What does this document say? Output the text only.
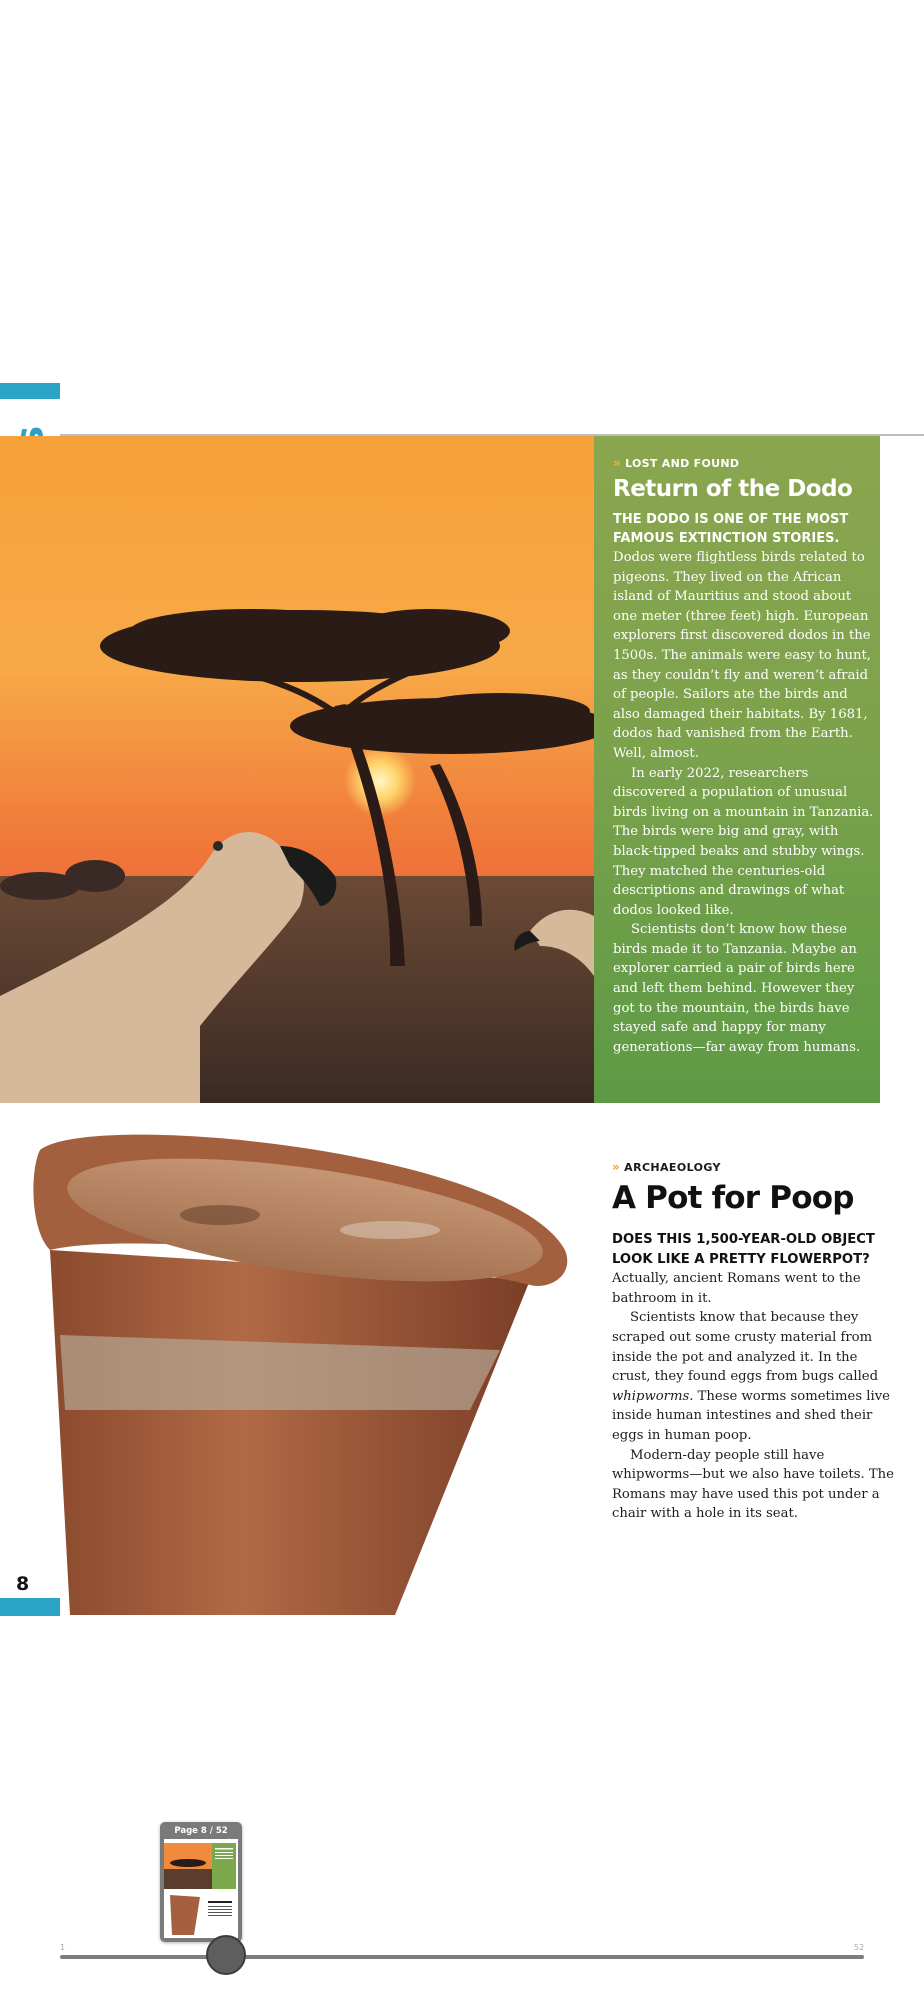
» LOST AND FOUND
Return of the Dodo
THE DODO IS ONE OF THE MOST FAMOUS EXTINCTION STORIES.
Dodos were flightless birds related to pigeons. They lived on the African island of Mauritius and stood about one meter (three feet) high. European explorers first discovered dodos in the 1500s. The animals were easy to hunt, as they couldn’t fly and weren’t afraid of people. Sailors ate the birds and also damaged their habitats. By 1681, dodos had vanished from the Earth. Well, almost.
In early 2022, researchers discovered a population of unusual birds living on a mountain in Tanzania. The birds were big and gray, with black-tipped beaks and stubby wings. They matched the centuries-old descriptions and drawings of what dodos looked like.
Scientists don’t know how these birds made it to Tanzania. Maybe an explorer carried a pair of birds here and left them behind. However they got to the mountain, the birds have stayed safe and happy for many generations—far away from humans.
» ARCHAEOLOGY
A Pot for Poop
DOES THIS 1,500-YEAR-OLD OBJECT LOOK LIKE A PRETTY FLOWERPOT? Actually, ancient Romans went to the bathroom in it.
Scientists know that because they scraped out some crusty material from inside the pot and analyzed it. In the crust, they found eggs from bugs called whipworms. These worms sometimes live inside human intestines and shed their eggs in human poop.
Modern-day people still have whipworms—but we also have toilets. The Romans may have used this pot under a chair with a hole in its seat.
8
Page 8 / 52
1	52
